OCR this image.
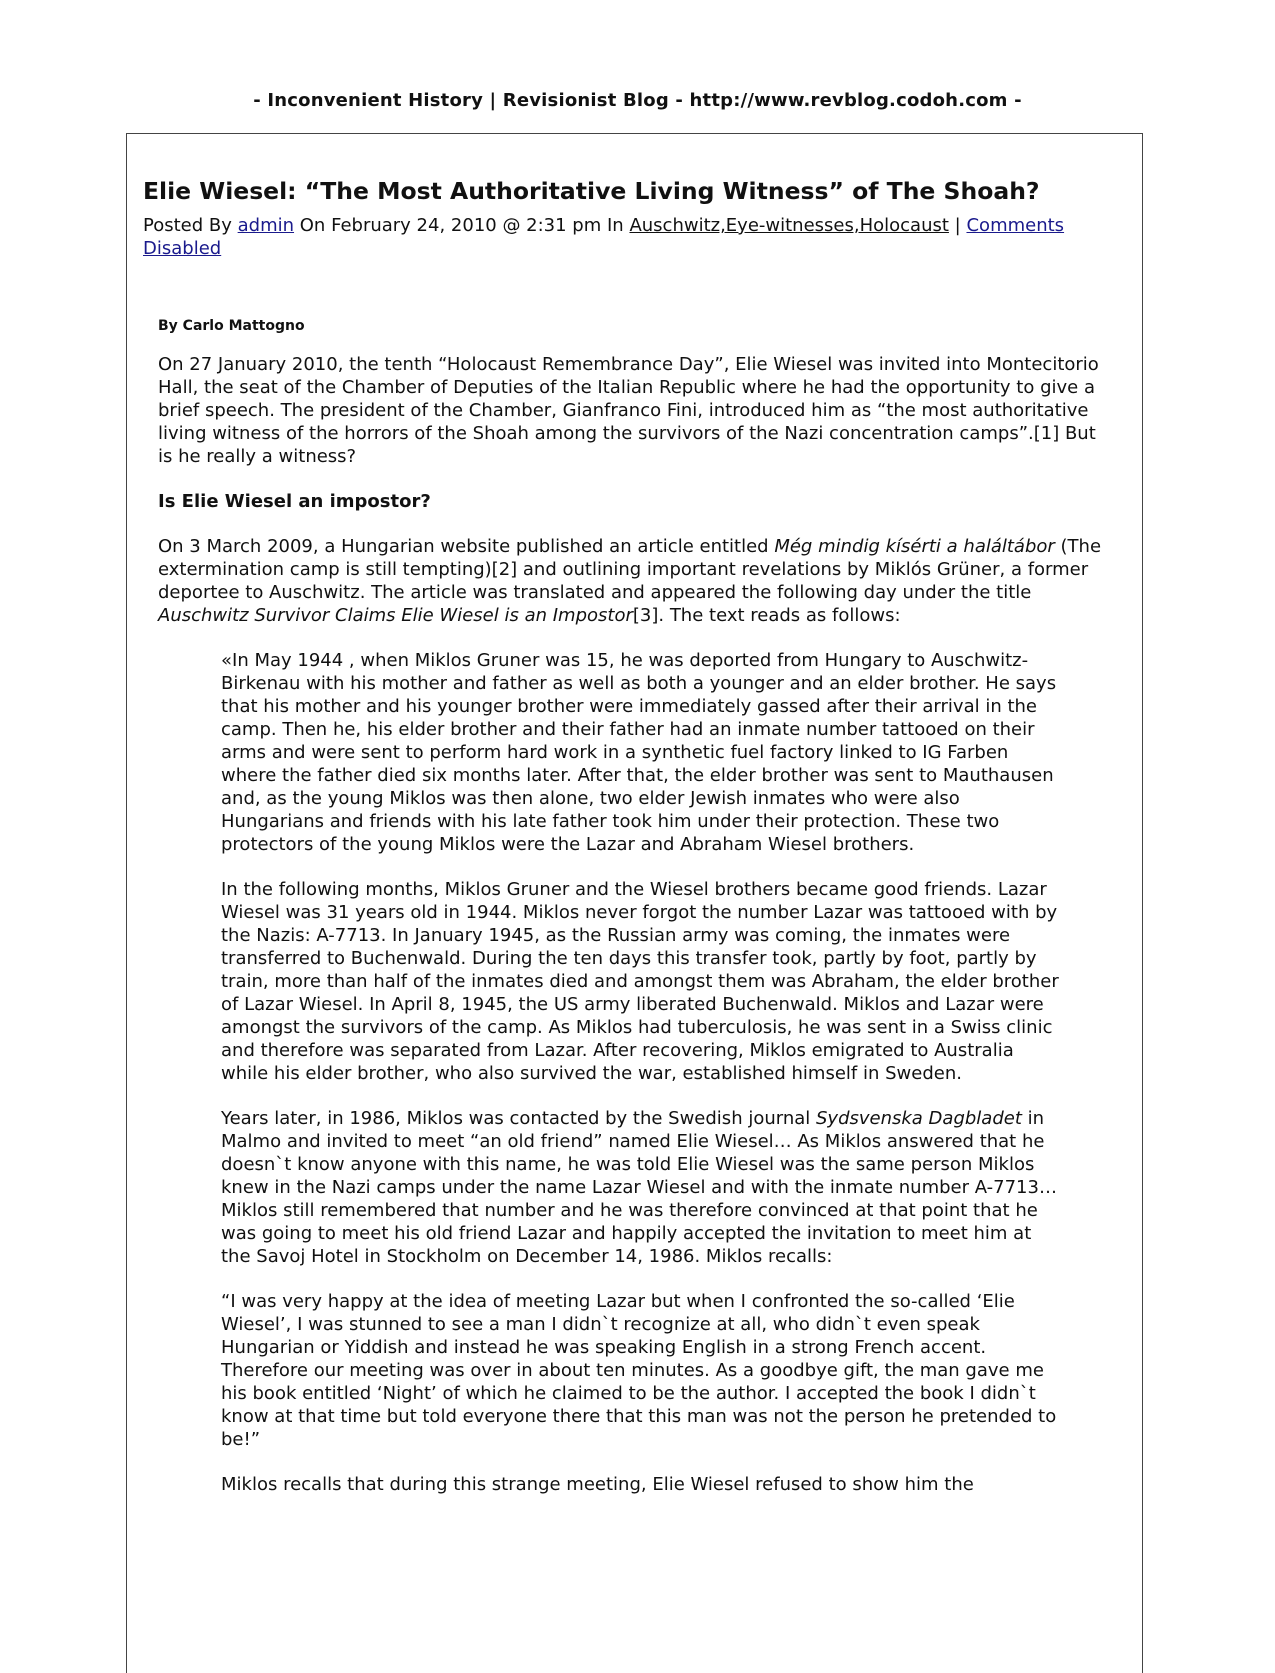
- Inconvenient History | Revisionist Blog - http://www.revblog.codoh.com -
Elie Wiesel: “The Most Authoritative Living Witness” of The Shoah?
Posted By admin On February 24, 2010 @ 2:31 pm In Auschwitz,Eye-witnesses,Holocaust | Comments Disabled
By Carlo Mattogno

On 27 January 2010, the tenth “Holocaust Remembrance Day”, Elie Wiesel was invited into Montecitorio Hall, the seat of the Chamber of Deputies of the Italian Republic where he had the opportunity to give a brief speech. The president of the Chamber, Gianfranco Fini, introduced him as “the most authoritative living witness of the horrors of the Shoah among the survivors of the Nazi concentration camps”.[1] But is he really a witness?

Is Elie Wiesel an impostor?

On 3 March 2009, a Hungarian website published an article entitled Még mindig kísérti a haláltábor (The extermination camp is still tempting)[2] and outlining important revelations by Miklós Grüner, a former deportee to Auschwitz. The article was translated and appeared the following day under the title Auschwitz Survivor Claims Elie Wiesel is an Impostor[3]. The text reads as follows:

«In May 1944 , when Miklos Gruner was 15, he was deported from Hungary to Auschwitz-Birkenau with his mother and father as well as both a younger and an elder brother. He says that his mother and his younger brother were immediately gassed after their arrival in the camp. Then he, his elder brother and their father had an inmate number tattooed on their arms and were sent to perform hard work in a synthetic fuel factory linked to IG Farben where the father died six months later. After that, the elder brother was sent to Mauthausen and, as the young Miklos was then alone, two elder Jewish inmates who were also Hungarians and friends with his late father took him under their protection. These two protectors of the young Miklos were the Lazar and Abraham Wiesel brothers.

In the following months, Miklos Gruner and the Wiesel brothers became good friends. Lazar Wiesel was 31 years old in 1944. Miklos never forgot the number Lazar was tattooed with by the Nazis: A-7713. In January 1945, as the Russian army was coming, the inmates were transferred to Buchenwald. During the ten days this transfer took, partly by foot, partly by train, more than half of the inmates died and amongst them was Abraham, the elder brother of Lazar Wiesel. In April 8, 1945, the US army liberated Buchenwald. Miklos and Lazar were amongst the survivors of the camp. As Miklos had tuberculosis, he was sent in a Swiss clinic and therefore was separated from Lazar. After recovering, Miklos emigrated to Australia while his elder brother, who also survived the war, established himself in Sweden.

Years later, in 1986, Miklos was contacted by the Swedish journal Sydsvenska Dagbladet in Malmo and invited to meet “an old friend” named Elie Wiesel… As Miklos answered that he doesn`t know anyone with this name, he was told Elie Wiesel was the same person Miklos knew in the Nazi camps under the name Lazar Wiesel and with the inmate number A-7713… Miklos still remembered that number and he was therefore convinced at that point that he was going to meet his old friend Lazar and happily accepted the invitation to meet him at the Savoj Hotel in Stockholm on December 14, 1986. Miklos recalls:

“I was very happy at the idea of meeting Lazar but when I confronted the so-called ‘Elie Wiesel’, I was stunned to see a man I didn`t recognize at all, who didn`t even speak Hungarian or Yiddish and instead he was speaking English in a strong French accent. Therefore our meeting was over in about ten minutes. As a goodbye gift, the man gave me his book entitled ‘Night’ of which he claimed to be the author. I accepted the book I didn`t know at that time but told everyone there that this man was not the person he pretended to be!”

Miklos recalls that during this strange meeting, Elie Wiesel refused to show him the
